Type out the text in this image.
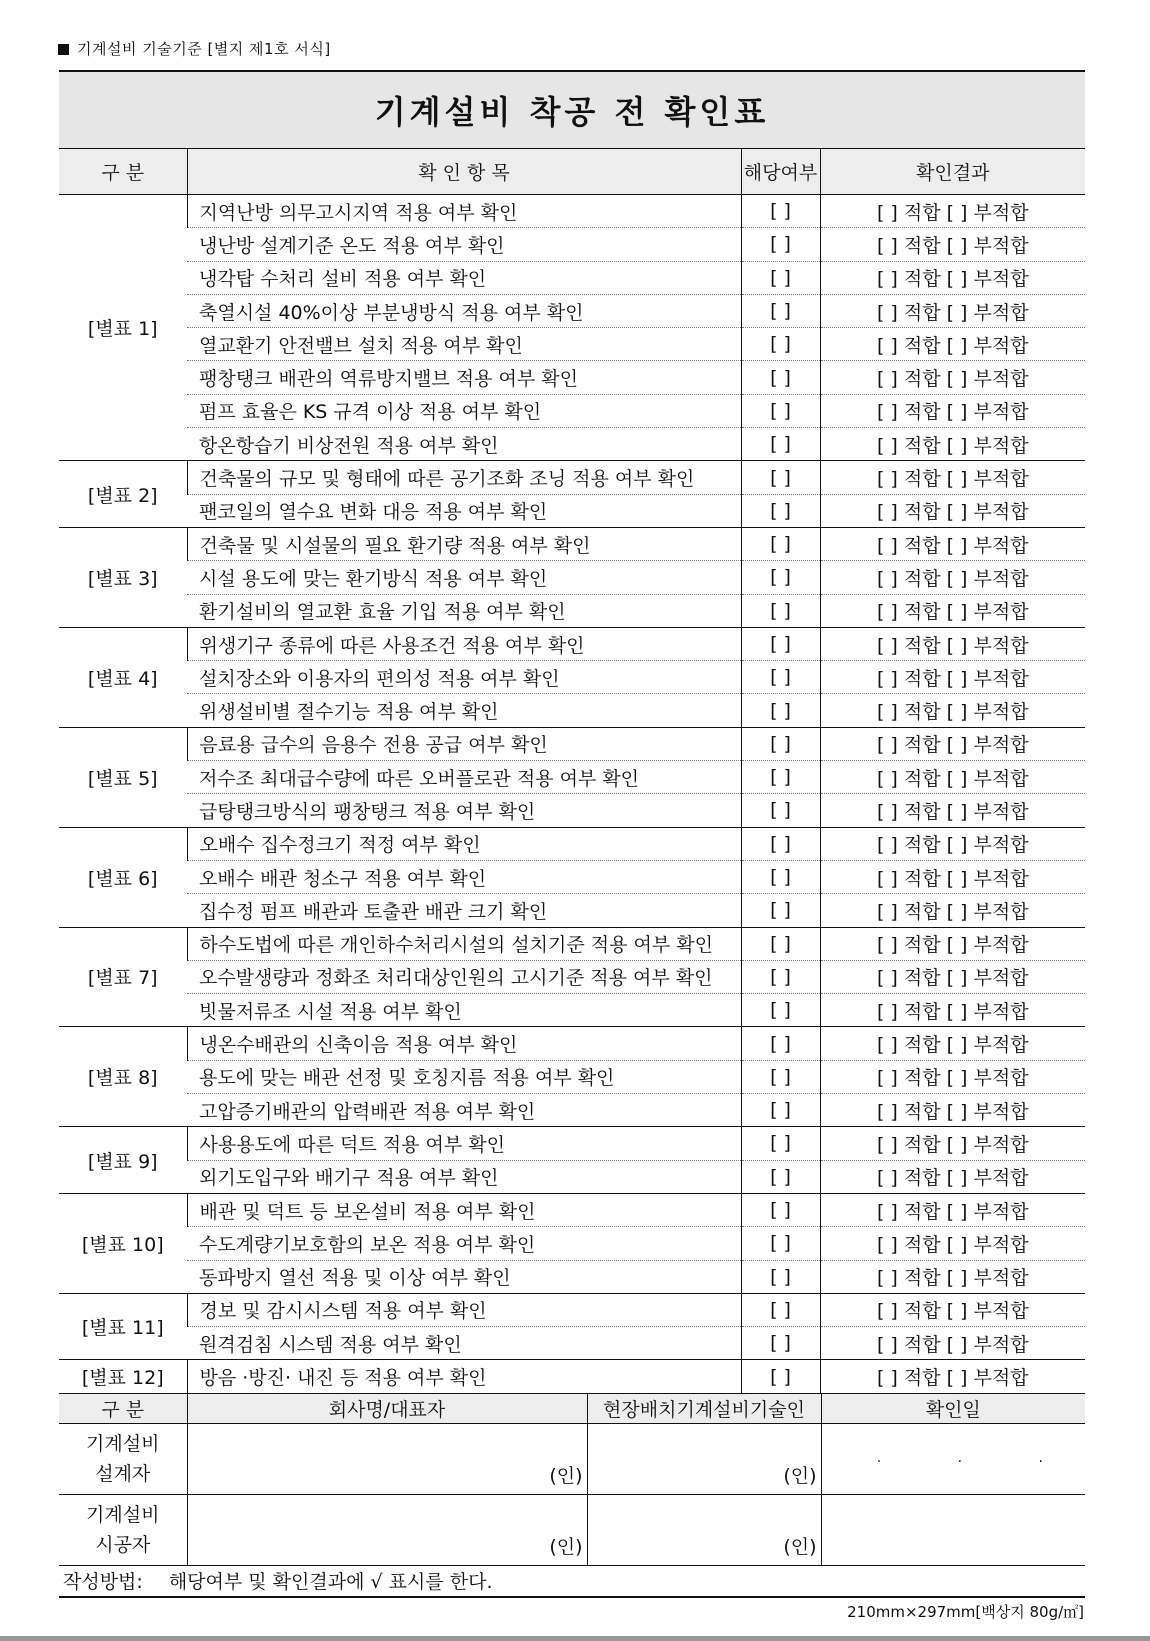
기계설비 기술기준 [별지 제1호 서식]
기계설비 착공 전 확인표
구 분	확 인 항 목	해당여부	확인결과
[별표 1]	지역난방 의무고시지역 적용 여부 확인	[ ]	[ ] 적합 [ ] 부적합
	냉난방 설계기준 온도 적용 여부 확인	[ ]	[ ] 적합 [ ] 부적합
	냉각탑 수처리 설비 적용 여부 확인	[ ]	[ ] 적합 [ ] 부적합
	축열시설 40%이상 부분냉방식 적용 여부 확인	[ ]	[ ] 적합 [ ] 부적합
	열교환기 안전밸브 설치 적용 여부 확인	[ ]	[ ] 적합 [ ] 부적합
	팽창탱크 배관의 역류방지밸브 적용 여부 확인	[ ]	[ ] 적합 [ ] 부적합
	펌프 효율은 KS 규격 이상 적용 여부 확인	[ ]	[ ] 적합 [ ] 부적합
	항온항습기 비상전원 적용 여부 확인	[ ]	[ ] 적합 [ ] 부적합
[별표 2]	건축물의 규모 및 형태에 따른 공기조화 조닝 적용 여부 확인	[ ]	[ ] 적합 [ ] 부적합
	팬코일의 열수요 변화 대응 적용 여부 확인	[ ]	[ ] 적합 [ ] 부적합
[별표 3]	건축물 및 시설물의 필요 환기량 적용 여부 확인	[ ]	[ ] 적합 [ ] 부적합
	시설 용도에 맞는 환기방식 적용 여부 확인	[ ]	[ ] 적합 [ ] 부적합
	환기설비의 열교환 효율 기입 적용 여부 확인	[ ]	[ ] 적합 [ ] 부적합
[별표 4]	위생기구 종류에 따른 사용조건 적용 여부 확인	[ ]	[ ] 적합 [ ] 부적합
	설치장소와 이용자의 편의성 적용 여부 확인	[ ]	[ ] 적합 [ ] 부적합
	위생설비별 절수기능 적용 여부 확인	[ ]	[ ] 적합 [ ] 부적합
[별표 5]	음료용 급수의 음용수 전용 공급 여부 확인	[ ]	[ ] 적합 [ ] 부적합
	저수조 최대급수량에 따른 오버플로관 적용 여부 확인	[ ]	[ ] 적합 [ ] 부적합
	급탕탱크방식의 팽창탱크 적용 여부 확인	[ ]	[ ] 적합 [ ] 부적합
[별표 6]	오배수 집수정크기 적정 여부 확인	[ ]	[ ] 적합 [ ] 부적합
	오배수 배관 청소구 적용 여부 확인	[ ]	[ ] 적합 [ ] 부적합
	집수정 펌프 배관과 토출관 배관 크기 확인	[ ]	[ ] 적합 [ ] 부적합
[별표 7]	하수도법에 따른 개인하수처리시설의 설치기준 적용 여부 확인	[ ]	[ ] 적합 [ ] 부적합
	오수발생량과 정화조 처리대상인원의 고시기준 적용 여부 확인	[ ]	[ ] 적합 [ ] 부적합
	빗물저류조 시설 적용 여부 확인	[ ]	[ ] 적합 [ ] 부적합
[별표 8]	냉온수배관의 신축이음 적용 여부 확인	[ ]	[ ] 적합 [ ] 부적합
	용도에 맞는 배관 선정 및 호칭지름 적용 여부 확인	[ ]	[ ] 적합 [ ] 부적합
	고압증기배관의 압력배관 적용 여부 확인	[ ]	[ ] 적합 [ ] 부적합
[별표 9]	사용용도에 따른 덕트 적용 여부 확인	[ ]	[ ] 적합 [ ] 부적합
	외기도입구와 배기구 적용 여부 확인	[ ]	[ ] 적합 [ ] 부적합
[별표 10]	배관 및 덕트 등 보온설비 적용 여부 확인	[ ]	[ ] 적합 [ ] 부적합
	수도계량기보호함의 보온 적용 여부 확인	[ ]	[ ] 적합 [ ] 부적합
	동파방지 열선 적용 및 이상 여부 확인	[ ]	[ ] 적합 [ ] 부적합
[별표 11]	경보 및 감시시스템 적용 여부 확인	[ ]	[ ] 적합 [ ] 부적합
	원격검침 시스템 적용 여부 확인	[ ]	[ ] 적합 [ ] 부적합
[별표 12]	방음 ·방진· 내진 등 적용 여부 확인	[ ]	[ ] 적합 [ ] 부적합
구 분	회사명/대표자	현장배치기계설비기술인	확인일

기계설비
설계자	(인)	(인)	. . .

기계설비
시공자	(인)	(인)	

작성방법: 해당여부 및 확인결과에 √ 표시를 한다.
210mm×297mm[백상지 80g/㎡]
